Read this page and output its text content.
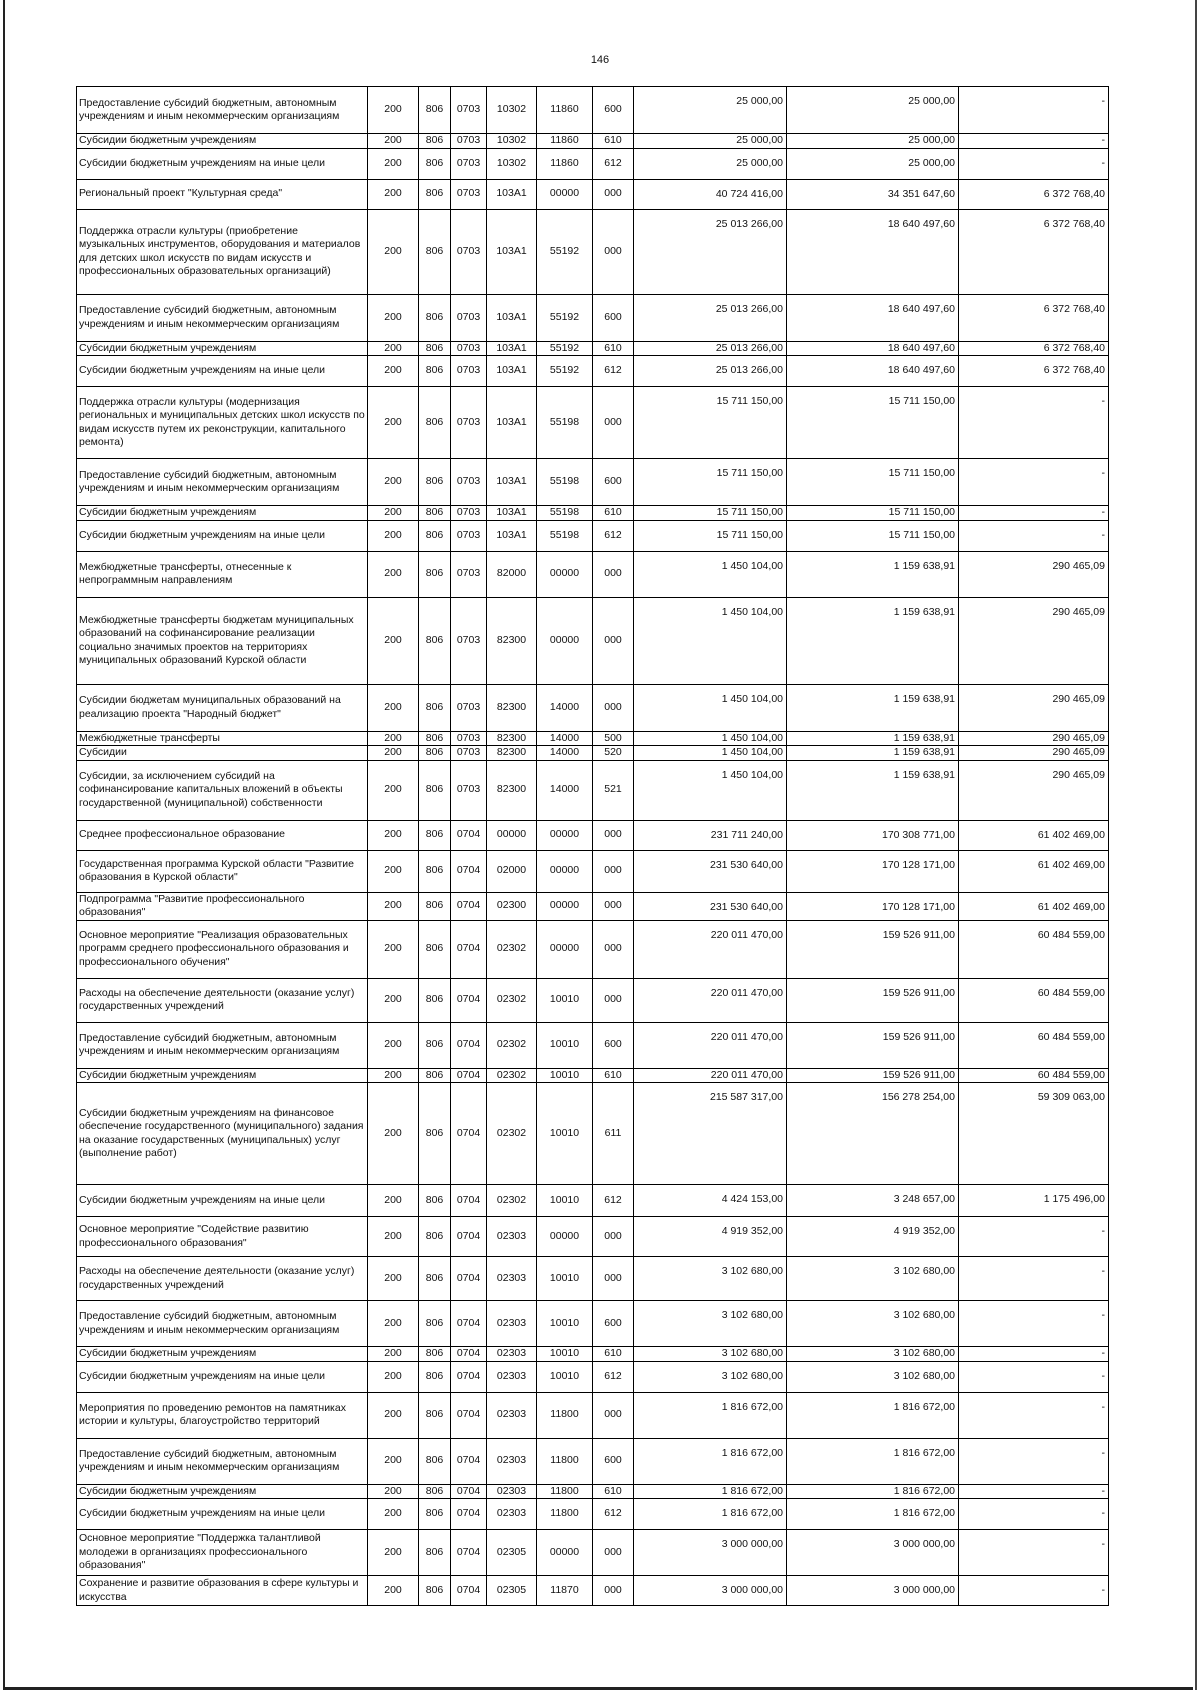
146
Предоставление субсидий бюджетным, автономным учреждениям и иным некоммерческим организациям	200	806	0703	10302	11860	600	25 000,00	25 000,00	-
Субсидии бюджетным учреждениям	200	806	0703	10302	11860	610	25 000,00	25 000,00	-
Субсидии бюджетным учреждениям на иные цели	200	806	0703	10302	11860	612	25 000,00	25 000,00	-
Региональный проект "Культурная среда"	200	806	0703	103А1	00000	000	40 724 416,00	34 351 647,60	6 372 768,40
Поддержка отрасли культуры (приобретение музыкальных инструментов, оборудования и материалов для детских школ искусств по видам искусств и профессиональных образовательных организаций)	200	806	0703	103А1	55192	000	25 013 266,00	18 640 497,60	6 372 768,40
Предоставление субсидий бюджетным, автономным учреждениям и иным некоммерческим организациям	200	806	0703	103А1	55192	600	25 013 266,00	18 640 497,60	6 372 768,40
Субсидии бюджетным учреждениям	200	806	0703	103А1	55192	610	25 013 266,00	18 640 497,60	6 372 768,40
Субсидии бюджетным учреждениям на иные цели	200	806	0703	103А1	55192	612	25 013 266,00	18 640 497,60	6 372 768,40
Поддержка отрасли культуры (модернизация региональных и муниципальных детских школ искусств по видам искусств путем их реконструкции, капитального ремонта)	200	806	0703	103А1	55198	000	15 711 150,00	15 711 150,00	-
Предоставление субсидий бюджетным, автономным учреждениям и иным некоммерческим организациям	200	806	0703	103А1	55198	600	15 711 150,00	15 711 150,00	-
Субсидии бюджетным учреждениям	200	806	0703	103А1	55198	610	15 711 150,00	15 711 150,00	-
Субсидии бюджетным учреждениям на иные цели	200	806	0703	103А1	55198	612	15 711 150,00	15 711 150,00	-
Межбюджетные трансферты, отнесенные к непрограммным направлениям	200	806	0703	82000	00000	000	1 450 104,00	1 159 638,91	290 465,09
Межбюджетные трансферты бюджетам муниципальных образований на софинансирование реализации социально значимых проектов на территориях муниципальных образований Курской области	200	806	0703	82300	00000	000	1 450 104,00	1 159 638,91	290 465,09
Субсидии бюджетам муниципальных образований на реализацию проекта "Народный бюджет"	200	806	0703	82300	14000	000	1 450 104,00	1 159 638,91	290 465,09
Межбюджетные трансферты	200	806	0703	82300	14000	500	1 450 104,00	1 159 638,91	290 465,09
Субсидии	200	806	0703	82300	14000	520	1 450 104,00	1 159 638,91	290 465,09
Субсидии, за исключением субсидий на софинансирование капитальных вложений в объекты государственной (муниципальной) собственности	200	806	0703	82300	14000	521	1 450 104,00	1 159 638,91	290 465,09
Среднее профессиональное образование	200	806	0704	00000	00000	000	231 711 240,00	170 308 771,00	61 402 469,00
Государственная программа Курской области "Развитие образования в Курской области"	200	806	0704	02000	00000	000	231 530 640,00	170 128 171,00	61 402 469,00
Подпрограмма "Развитие профессионального образования"	200	806	0704	02300	00000	000	231 530 640,00	170 128 171,00	61 402 469,00
Основное мероприятие "Реализация образовательных программ среднего профессионального образования и профессионального обучения"	200	806	0704	02302	00000	000	220 011 470,00	159 526 911,00	60 484 559,00
Расходы на обеспечение деятельности (оказание услуг) государственных учреждений	200	806	0704	02302	10010	000	220 011 470,00	159 526 911,00	60 484 559,00
Предоставление субсидий бюджетным, автономным учреждениям и иным некоммерческим организациям	200	806	0704	02302	10010	600	220 011 470,00	159 526 911,00	60 484 559,00
Субсидии бюджетным учреждениям	200	806	0704	02302	10010	610	220 011 470,00	159 526 911,00	60 484 559,00
Субсидии бюджетным учреждениям на финансовое обеспечение государственного (муниципального) задания на оказание государственных (муниципальных) услуг (выполнение работ)	200	806	0704	02302	10010	611	215 587 317,00	156 278 254,00	59 309 063,00
Субсидии бюджетным учреждениям на иные цели	200	806	0704	02302	10010	612	4 424 153,00	3 248 657,00	1 175 496,00
Основное мероприятие "Содействие развитию профессионального образования"	200	806	0704	02303	00000	000	4 919 352,00	4 919 352,00	-
Расходы на обеспечение деятельности (оказание услуг) государственных учреждений	200	806	0704	02303	10010	000	3 102 680,00	3 102 680,00	-
Предоставление субсидий бюджетным, автономным учреждениям и иным некоммерческим организациям	200	806	0704	02303	10010	600	3 102 680,00	3 102 680,00	-
Субсидии бюджетным учреждениям	200	806	0704	02303	10010	610	3 102 680,00	3 102 680,00	-
Субсидии бюджетным учреждениям на иные цели	200	806	0704	02303	10010	612	3 102 680,00	3 102 680,00	-
Мероприятия по проведению ремонтов на памятниках истории и культуры, благоустройство территорий	200	806	0704	02303	11800	000	1 816 672,00	1 816 672,00	-
Предоставление субсидий бюджетным, автономным учреждениям и иным некоммерческим организациям	200	806	0704	02303	11800	600	1 816 672,00	1 816 672,00	-
Субсидии бюджетным учреждениям	200	806	0704	02303	11800	610	1 816 672,00	1 816 672,00	-
Субсидии бюджетным учреждениям на иные цели	200	806	0704	02303	11800	612	1 816 672,00	1 816 672,00	-
Основное мероприятие "Поддержка талантливой молодежи в организациях профессионального образования"	200	806	0704	02305	00000	000	3 000 000,00	3 000 000,00	-
Сохранение и развитие образования в сфере культуры и искусства	200	806	0704	02305	11870	000	3 000 000,00	3 000 000,00	-
